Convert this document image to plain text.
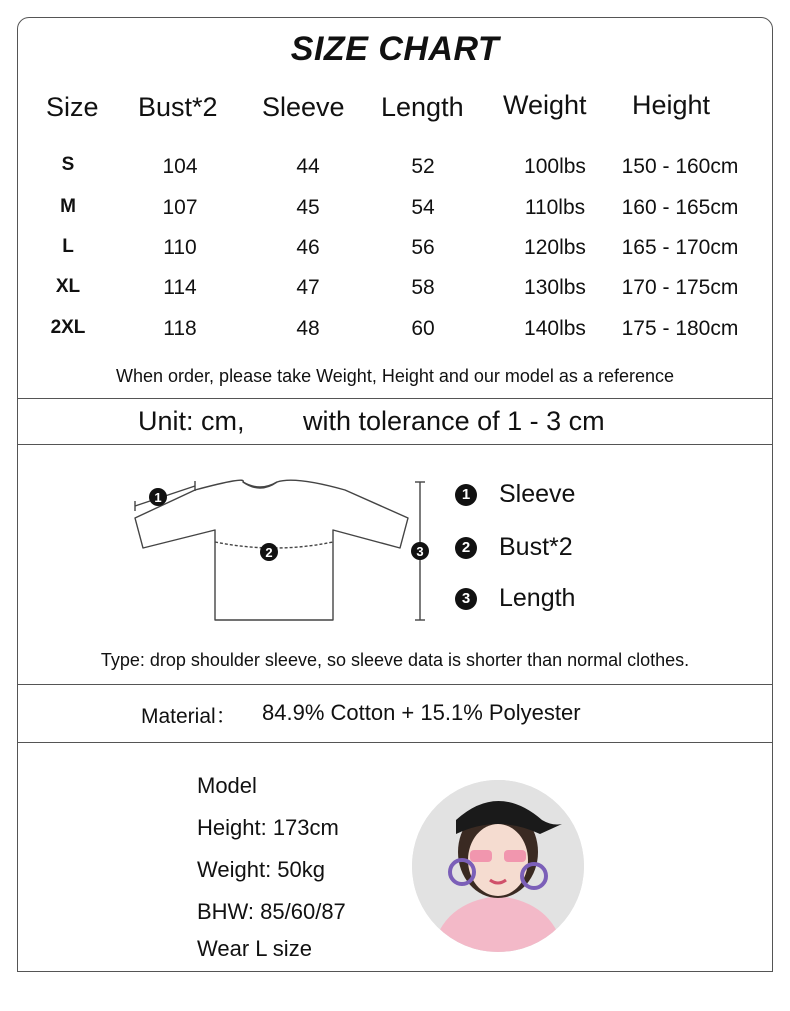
SIZE CHART
Size Bust*2 Sleeve Length Weight Height
S	104	44	52	100lbs	150 - 160cm
M	107	45	54	110lbs	160 - 165cm
L	110	46	56	120lbs	165 - 170cm
XL	114	47	58	130lbs	170 - 175cm
2XL	118	48	60	140lbs	175 - 180cm
When order, please take Weight, Height and our model as a reference
Unit: cm, with tolerance of 1 - 3 cm
1
2	3
1 Sleeve
2 Bust*2
3 Length
Type: drop shoulder sleeve, so sleeve data is shorter than normal clothes.
Material： 84.9% Cotton + 15.1% Polyester
Model
Height: 173cm
Weight: 50kg
BHW: 85/60/87
Wear L size
